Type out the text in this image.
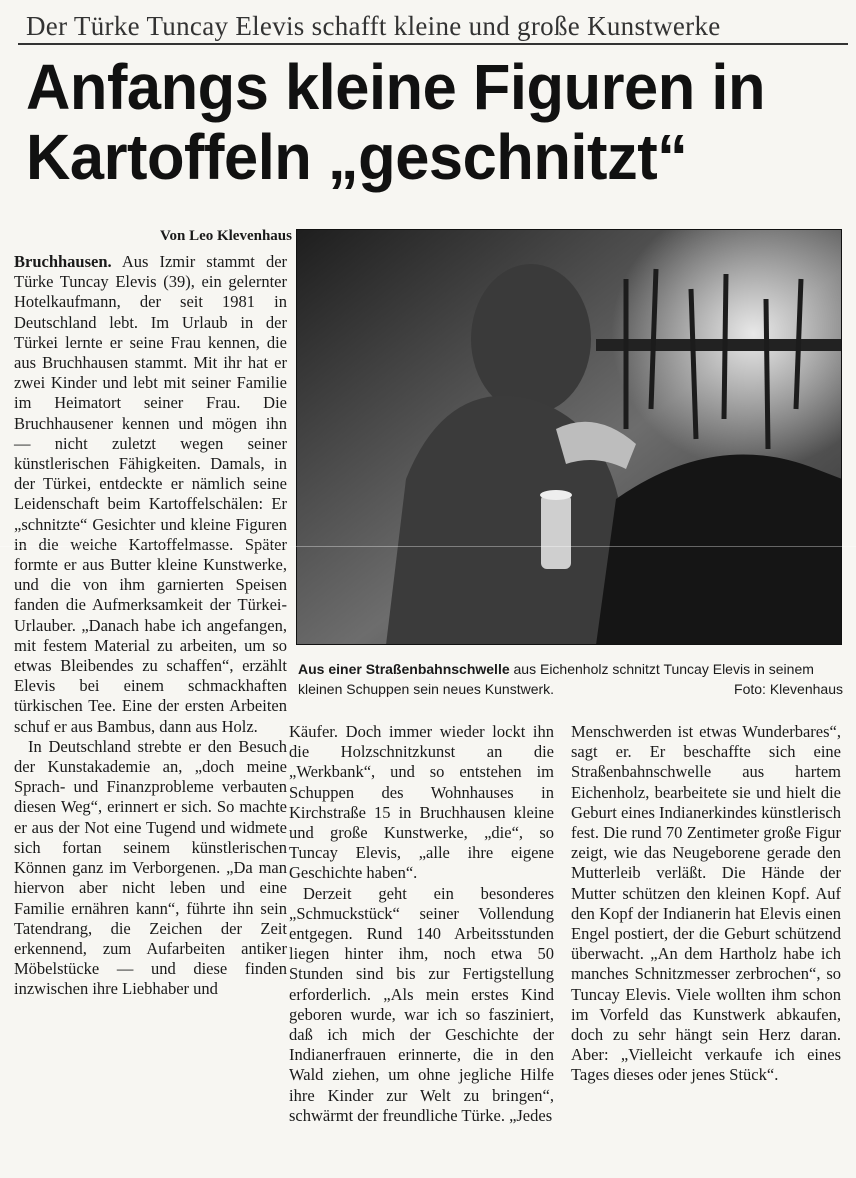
Der Türke Tuncay Elevis schafft kleine und große Kunstwerke
Anfangs kleine Figuren in
Kartoffeln „geschnitzt“
Von Leo Klevenhaus

Bruchhausen. Aus Izmir stammt der Türke Tuncay Elevis (39), ein gelernter Hotelkaufmann, der seit 1981 in Deutschland lebt. Im Urlaub in der Türkei lernte er seine Frau kennen, die aus Bruchhausen stammt. Mit ihr hat er zwei Kinder und lebt mit seiner Familie im Heimatort seiner Frau. Die Bruchhausener kennen und mögen ihn — nicht zuletzt wegen seiner künstlerischen Fähigkeiten. Damals, in der Türkei, entdeckte er nämlich seine Leidenschaft beim Kartoffelschälen: Er „schnitzte“ Gesichter und kleine Figuren in die weiche Kartoffelmasse. Später formte er aus Butter kleine Kunstwerke, und die von ihm garnierten Speisen fanden die Aufmerksamkeit der Türkei-Urlauber. „Danach habe ich angefangen, mit festem Material zu arbeiten, um so etwas Bleibendes zu schaffen“, erzählt Elevis bei einem schmackhaften türkischen Tee. Eine der ersten Arbeiten schuf er aus Bambus, dann aus Holz.

In Deutschland strebte er den Besuch der Kunstakademie an, „doch meine Sprach- und Finanzprobleme verbauten diesen Weg“, erinnert er sich. So machte er aus der Not eine Tugend und widmete sich fortan seinem künstlerischen Können ganz im Verborgenen. „Da man hiervon aber nicht leben und eine Familie ernähren kann“, führte ihn sein Tatendrang, die Zeichen der Zeit erkennend, zum Aufarbeiten antiker Möbelstücke — und diese finden inzwischen ihre Liebhaber und

Aus einer Straßenbahnschwelle aus Eichenholz schnitzt Tuncay Elevis in seinem kleinen Schuppen sein neues Kunstwerk.	Foto: Klevenhaus

Käufer. Doch immer wieder lockt ihn die Holzschnitzkunst an die „Werkbank“, und so entstehen im Schuppen des Wohnhauses in Kirchstraße 15 in Bruchhausen kleine und große Kunstwerke, „die“, so Tuncay Elevis, „alle ihre eigene Geschichte haben“.

Derzeit geht ein besonderes „Schmuckstück“ seiner Vollendung entgegen. Rund 140 Arbeitsstunden liegen hinter ihm, noch etwa 50 Stunden sind bis zur Fertigstellung erforderlich. „Als mein erstes Kind geboren wurde, war ich so fasziniert, daß ich mich der Geschichte der Indianerfrauen erinnerte, die in den Wald ziehen, um ohne jegliche Hilfe ihre Kinder zur Welt zu bringen“, schwärmt der freundliche Türke. „Jedes

Menschwerden ist etwas Wunderbares“, sagt er. Er beschaffte sich eine Straßenbahnschwelle aus hartem Eichenholz, bearbeitete sie und hielt die Geburt eines Indianerkindes künstlerisch fest. Die rund 70 Zentimeter große Figur zeigt, wie das Neugeborene gerade den Mutterleib verläßt. Die Hände der Mutter schützen den kleinen Kopf. Auf den Kopf der Indianerin hat Elevis einen Engel postiert, der die Geburt schützend überwacht. „An dem Hartholz habe ich manches Schnitzmesser zerbrochen“, so Tuncay Elevis. Viele wollten ihm schon im Vorfeld das Kunstwerk abkaufen, doch zu sehr hängt sein Herz daran. Aber: „Vielleicht verkaufe ich eines Tages dieses oder jenes Stück“.
